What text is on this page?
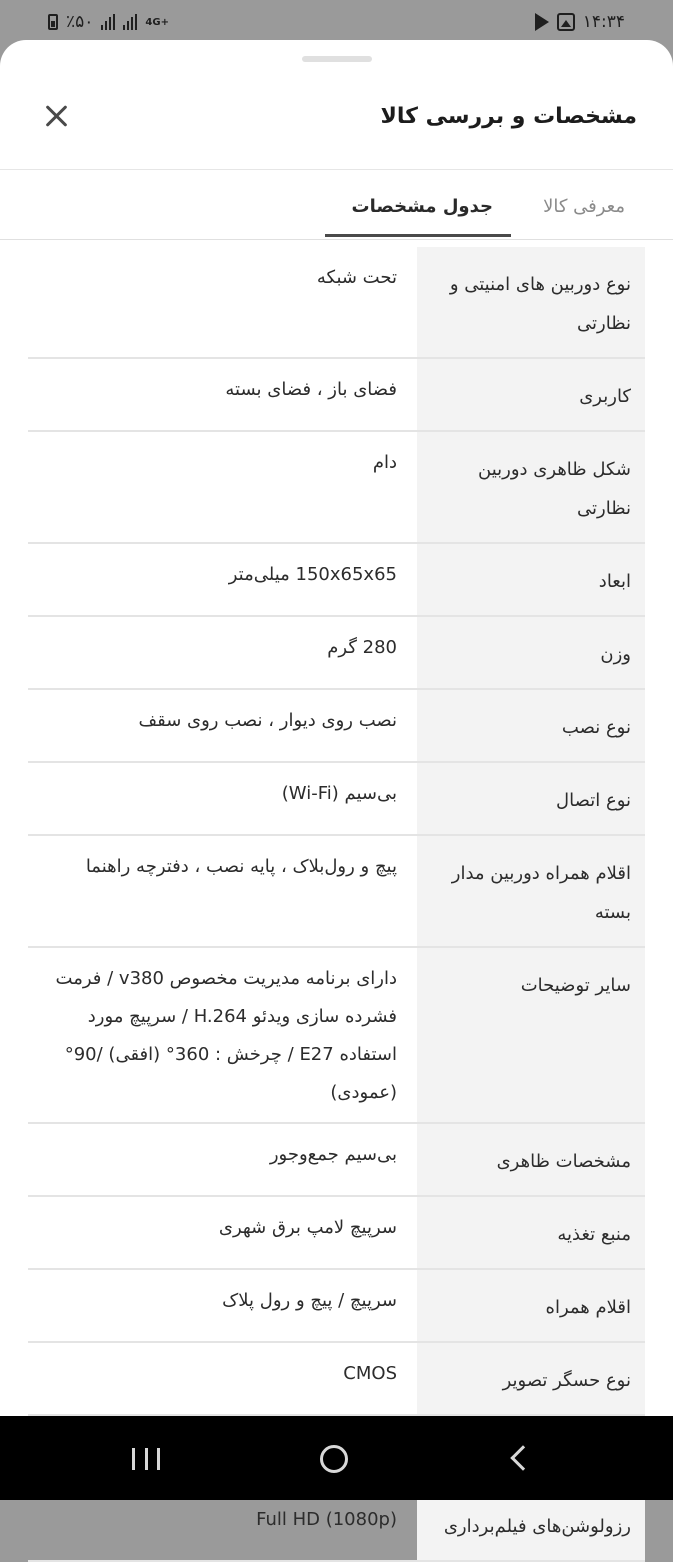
٪۵۰	4G+	۱۴:۳۴
مشخصات و بررسی کالا
معرفی کالا
جدول مشخصات
نوع دوربین های امنیتی و نظارتی
تحت شبکه
کاربری
فضای باز ، فضای بسته
شکل ظاهری دوربین نظارتی
دام
ابعاد
150x65x65 میلی‌متر
وزن
280 گرم
نوع نصب
نصب روی دیوار ، نصب روی سقف
نوع اتصال
بی‌سیم (Wi-Fi)
اقلام همراه دوربین مدار بسته
پیچ و رول‌بلاک ، پایه نصب ، دفترچه راهنما
سایر توضیحات
دارای برنامه مدیریت مخصوص v380 / فرمت فشرده سازی ویدئو H.264 / سرپیچ مورد استفاده E27 / چرخش : 360° (افقی) /90° (عمودی)
مشخصات ظاهری
بی‌سیم جمع‌وجور
منبع تغذیه
سرپیچ لامپ برق شهری
اقلام همراه
سرپیچ / پیچ و رول پلاک
نوع حسگر تصویر
CMOS
رزولوشن‌های فیلم‌برداری
Full HD (1080p)
